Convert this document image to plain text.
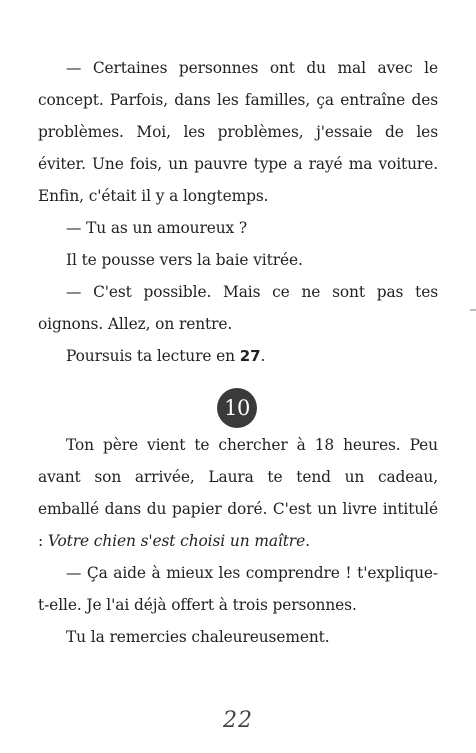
— Certaines personnes ont du mal avec le concept. Parfois, dans les familles, ça entraîne des problèmes. Moi, les problèmes, j'essaie de les éviter. Une fois, un pauvre type a rayé ma voiture. Enfin, c'était il y a longtemps.

— Tu as un amoureux ?

Il te pousse vers la baie vitrée.

— C'est possible. Mais ce ne sont pas tes oignons. Allez, on rentre.

Poursuis ta lecture en 27.

10

Ton père vient te chercher à 18 heures. Peu avant son arrivée, Laura te tend un cadeau, emballé dans du papier doré. C'est un livre intitulé : Votre chien s'est choisi un maître.

— Ça aide à mieux les comprendre ! t'explique-t-elle. Je l'ai déjà offert à trois personnes.

Tu la remercies chaleureusement.

22
